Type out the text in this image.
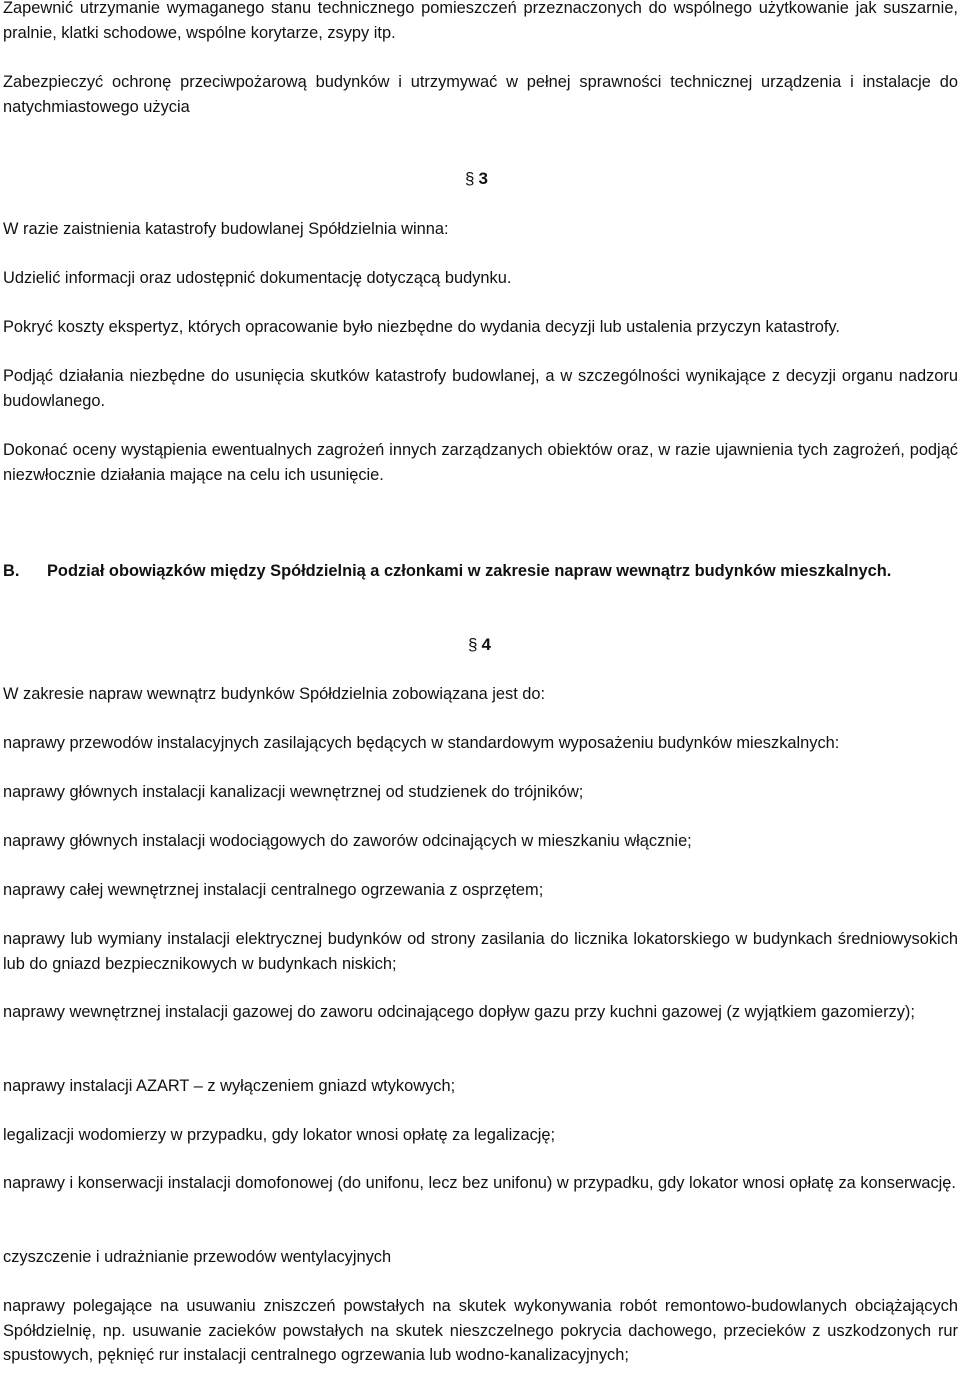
Zapewnić utrzymanie wymaganego stanu technicznego pomieszczeń przeznaczonych do wspólnego użytkowanie jak suszarnie, pralnie, klatki schodowe, wspólne korytarze, zsypy itp.

Zabezpieczyć ochronę przeciwpożarową budynków i utrzymywać w pełnej sprawności technicznej urządzenia i instalacje do natychmiastowego użycia

§ 3

W razie zaistnienia katastrofy budowlanej Spółdzielnia winna:

Udzielić informacji oraz udostępnić dokumentację dotyczącą budynku.

Pokryć koszty ekspertyz, których opracowanie było niezbędne do wydania decyzji lub ustalenia przyczyn katastrofy.

Podjąć działania niezbędne do usunięcia skutków katastrofy budowlanej, a w szczególności wynikające z decyzji organu nadzoru budowlanego.

Dokonać oceny wystąpienia ewentualnych zagrożeń innych zarządzanych obiektów oraz, w razie ujawnienia tych zagrożeń, podjąć niezwłocznie działania mające na celu ich usunięcie.

B. Podział obowiązków między Spółdzielnią a członkami w zakresie napraw wewnątrz budynków mieszkalnych.

§ 4

W zakresie napraw wewnątrz budynków Spółdzielnia zobowiązana jest do:

naprawy przewodów instalacyjnych zasilających będących w standardowym wyposażeniu budynków mieszkalnych:

naprawy głównych instalacji kanalizacji wewnętrznej od studzienek do trójników;

naprawy głównych instalacji wodociągowych do zaworów odcinających w mieszkaniu włącznie;

naprawy całej wewnętrznej instalacji centralnego ogrzewania z osprzętem;

naprawy lub wymiany instalacji elektrycznej budynków od strony zasilania do licznika lokatorskiego w budynkach średniowysokich lub do gniazd bezpiecznikowych w budynkach niskich;

naprawy wewnętrznej instalacji gazowej do zaworu odcinającego dopływ gazu przy kuchni gazowej (z wyjątkiem gazomierzy);

naprawy instalacji AZART – z wyłączeniem gniazd wtykowych;

legalizacji wodomierzy w przypadku, gdy lokator wnosi opłatę za legalizację;

naprawy i konserwacji instalacji domofonowej (do unifonu, lecz bez unifonu) w przypadku, gdy lokator wnosi opłatę za konserwację.

czyszczenie i udrażnianie przewodów wentylacyjnych

naprawy polegające na usuwaniu zniszczeń powstałych na skutek wykonywania robót remontowo-budowlanych obciążających Spółdzielnię, np. usuwanie zacieków powstałych na skutek nieszczelnego pokrycia dachowego, przecieków z uszkodzonych rur spustowych, pęknięć rur instalacji centralnego ogrzewania lub wodno-kanalizacyjnych;
